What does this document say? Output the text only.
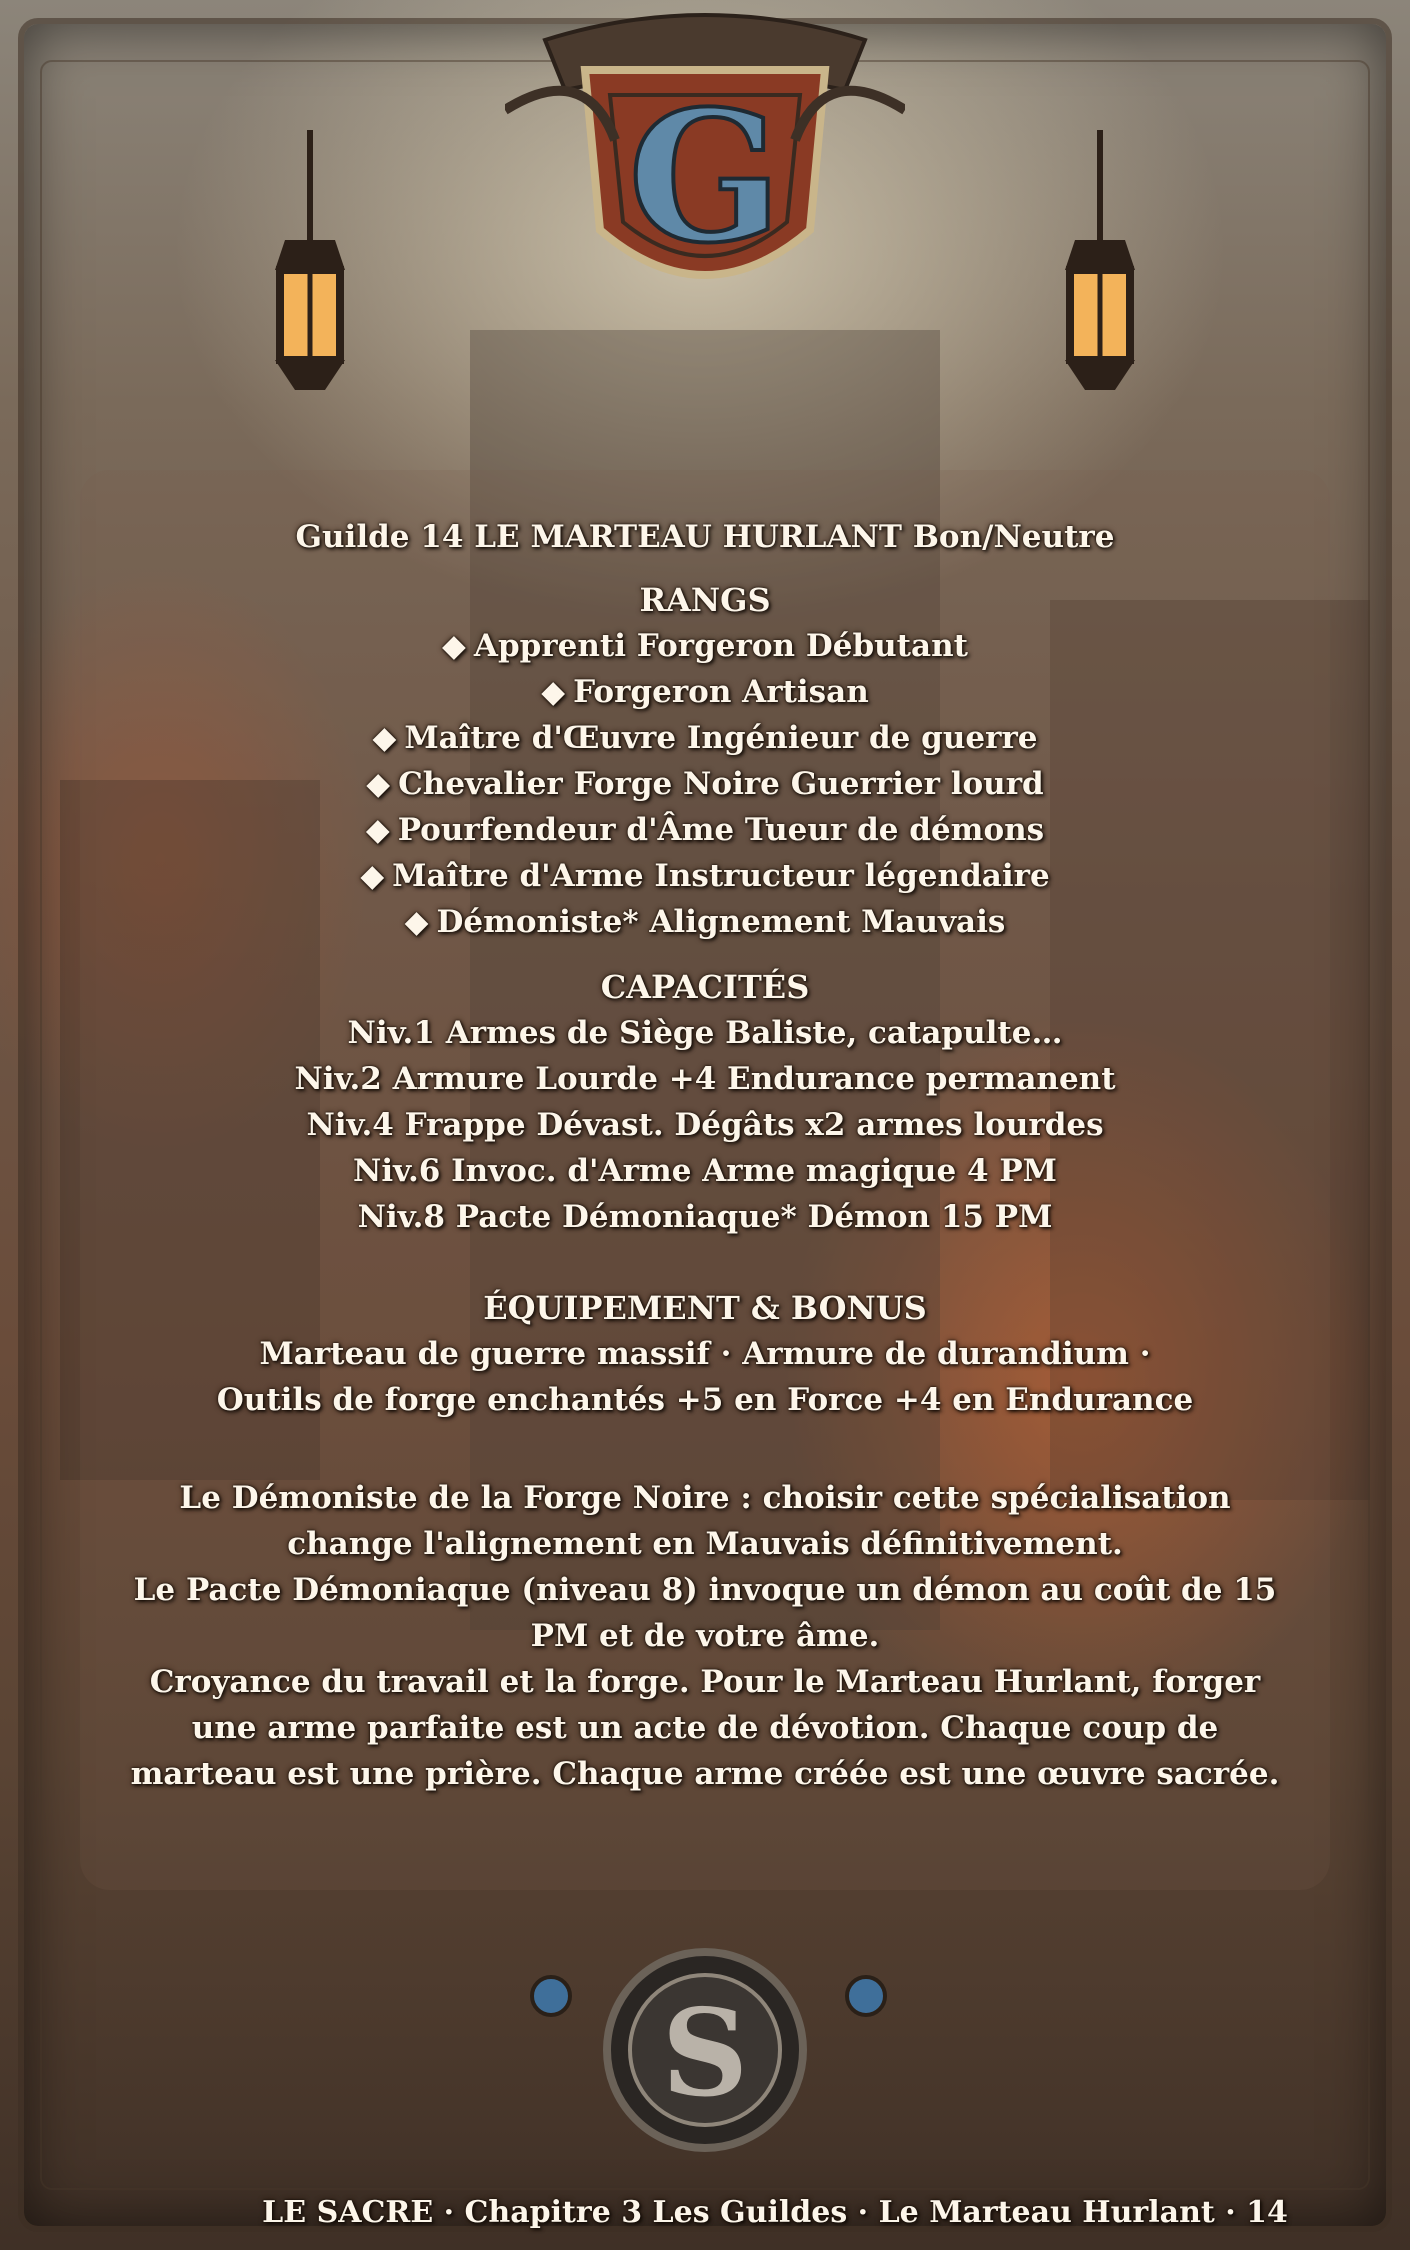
G
S
Guilde 14 LE MARTEAU HURLANT Bon/Neutre
RANGS
◆ Apprenti Forgeron Débutant
◆ Forgeron Artisan
◆ Maître d'Œuvre Ingénieur de guerre
◆ Chevalier Forge Noire Guerrier lourd
◆ Pourfendeur d'Âme Tueur de démons
◆ Maître d'Arme Instructeur légendaire
◆ Démoniste* Alignement Mauvais
CAPACITÉS
Niv.1 Armes de Siège Baliste, catapulte…
Niv.2 Armure Lourde +4 Endurance permanent
Niv.4 Frappe Dévast. Dégâts x2 armes lourdes
Niv.6 Invoc. d'Arme Arme magique 4 PM
Niv.8 Pacte Démoniaque* Démon 15 PM
ÉQUIPEMENT & BONUS
Marteau de guerre massif · Armure de durandium ·
Outils de forge enchantés +5 en Force +4 en Endurance
Le Démoniste de la Forge Noire : choisir cette spécialisation
change l'alignement en Mauvais définitivement.
Le Pacte Démoniaque (niveau 8) invoque un démon au coût de 15
PM et de votre âme.
Croyance du travail et la forge. Pour le Marteau Hurlant, forger
une arme parfaite est un acte de dévotion. Chaque coup de
marteau est une prière. Chaque arme créée est une œuvre sacrée.
LE SACRE · Chapitre 3 Les Guildes · Le Marteau Hurlant · 14
